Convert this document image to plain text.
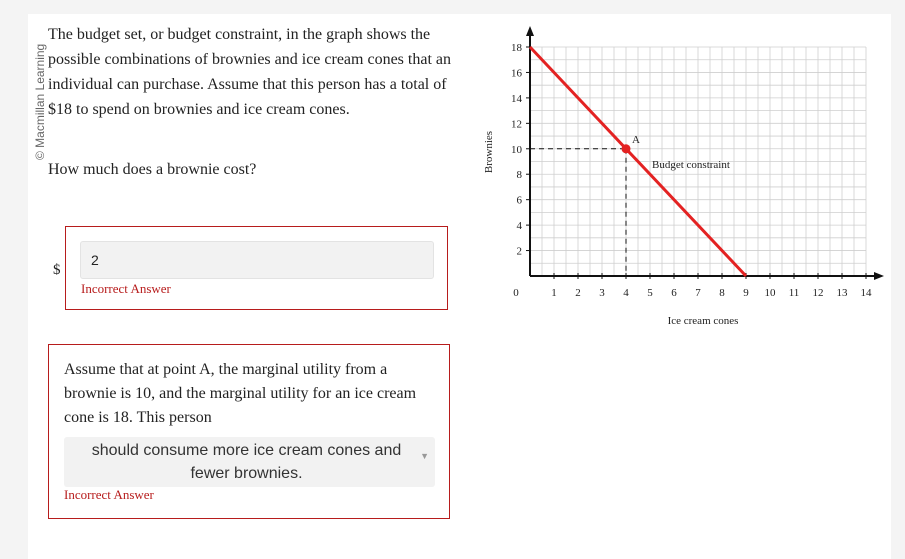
© Macmillan Learning
The budget set, or budget constraint, in the graph shows the possible combinations of brownies and ice cream cones that an individual can purchase. Assume that this person has a total of $18 to spend on brownies and ice cream cones.
How much does a brownie cost?
$
2
Incorrect Answer
Assume that at point A, the marginal utility from a brownie is 10, and the marginal utility for an ice cream cone is 18. This person
should consume more ice cream cones and fewer brownies.
▼
Incorrect Answer
1 2 3 4 5 6 7 8 9 10 11 12 13 14
2
4
6
8
10
12
14
16
18
Budget constraint
A
Ice cream cones
Brownies
0
